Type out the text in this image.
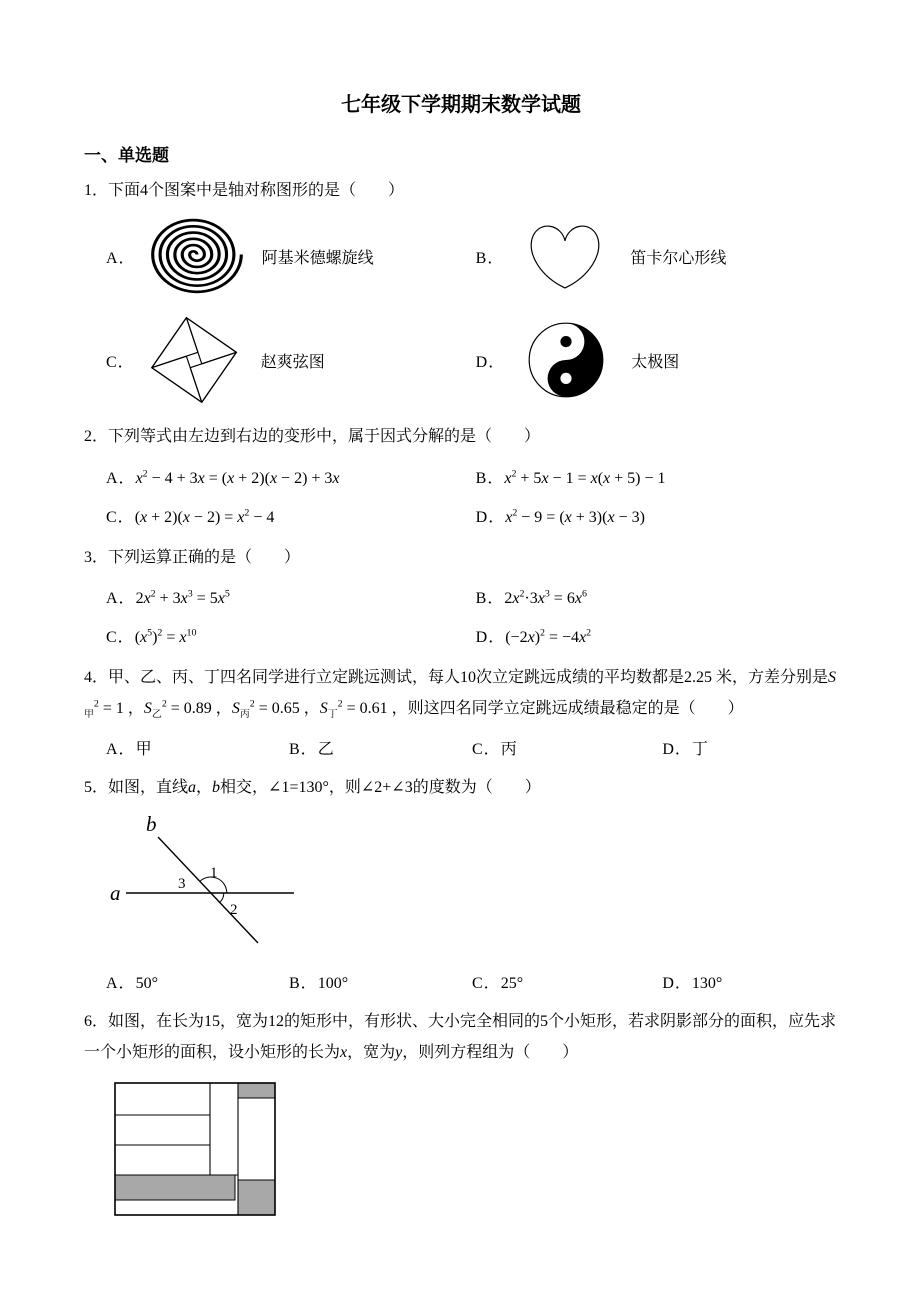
七年级下学期期末数学试题
一、单选题

1．下面4个图案中是轴对称图形的是（　　）

A．	阿基米德螺旋线	B．	笛卡尔心形线
C．	赵爽弦图	D．	太极图

2．下列等式由左边到右边的变形中，属于因式分解的是（　　）

A．$x^2 - 4 + 3x = (x + 2)(x - 2) + 3x$	B．$x^2 + 5x - 1 = x(x + 5) - 1$
C．$(x + 2)(x - 2) = x^2 - 4$	D．$x^2 - 9 = (x + 3)(x - 3)$

3．下列运算正确的是（　　）

A．$2x^2 + 3x^3 = 5x^5$	B．$2x^2\cdot 3x^3 = 6x^6$
C．$(x^5)^2 = x^{10}$	D．$(-2x)^2 = -4x^2$

4．甲、乙、丙、丁四名同学进行立定跳远测试，每人10次立定跳远成绩的平均数都是2.25 米，方差分别是$S_甲^2 = 1$ ，$S_乙^2 = 0.89$ ，$S_丙^2 = 0.65$ ，$S_丁^2 = 0.61$ ，则这四名同学立定跳远成绩最稳定的是（　　）

A．甲	B．乙	C．丙	D．丁

5．如图，直线a，b相交，∠1=130°，则∠2+∠3的度数为（　　）

b
a	3
1
2
A．50°	B．100°	C．25°	D．130°

6．如图，在长为15，宽为12的矩形中，有形状、大小完全相同的5个小矩形，若求阴影部分的面积，应先求一个小矩形的面积，设小矩形的长为x，宽为y，则列方程组为（　　）
